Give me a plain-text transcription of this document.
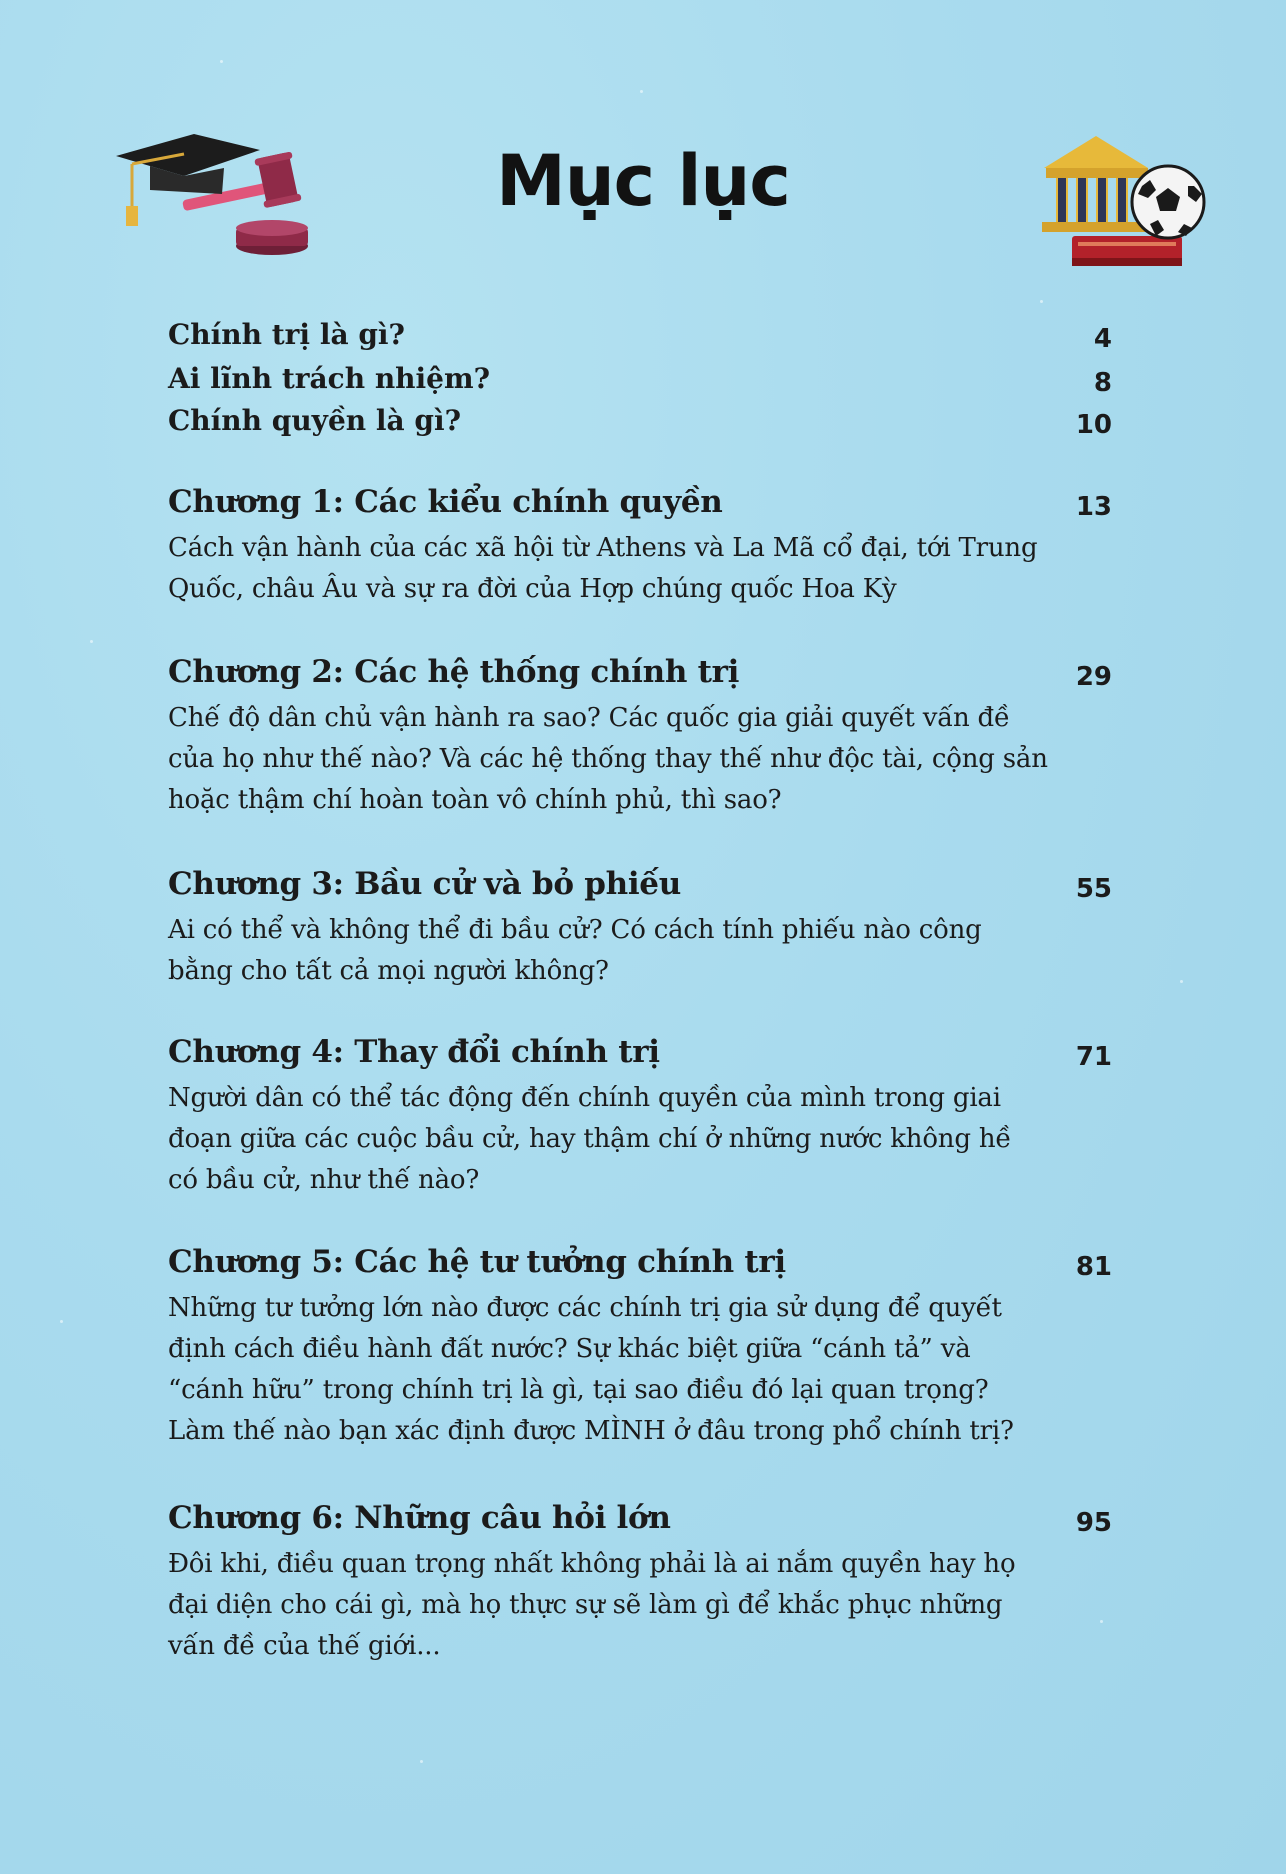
Mục lục
Chính trị là gì?	4
Ai lĩnh trách nhiệm?	8
Chính quyền là gì?	10
Chương 1: Các kiểu chính quyền	13
Cách vận hành của các xã hội từ Athens và La Mã cổ đại, tới Trung Quốc, châu Âu và sự ra đời của Hợp chúng quốc Hoa Kỳ
Chương 2: Các hệ thống chính trị	29
Chế độ dân chủ vận hành ra sao? Các quốc gia giải quyết vấn đề của họ như thế nào? Và các hệ thống thay thế như độc tài, cộng sản hoặc thậm chí hoàn toàn vô chính phủ, thì sao?
Chương 3: Bầu cử và bỏ phiếu	55
Ai có thể và không thể đi bầu cử? Có cách tính phiếu nào công bằng cho tất cả mọi người không?
Chương 4: Thay đổi chính trị	71
Người dân có thể tác động đến chính quyền của mình trong giai đoạn giữa các cuộc bầu cử, hay thậm chí ở những nước không hề có bầu cử, như thế nào?
Chương 5: Các hệ tư tưởng chính trị	81
Những tư tưởng lớn nào được các chính trị gia sử dụng để quyết định cách điều hành đất nước? Sự khác biệt giữa “cánh tả” và “cánh hữu” trong chính trị là gì, tại sao điều đó lại quan trọng? Làm thế nào bạn xác định được MÌNH ở đâu trong phổ chính trị?
Chương 6: Những câu hỏi lớn	95
Đôi khi, điều quan trọng nhất không phải là ai nắm quyền hay họ đại diện cho cái gì, mà họ thực sự sẽ làm gì để khắc phục những vấn đề của thế giới...
